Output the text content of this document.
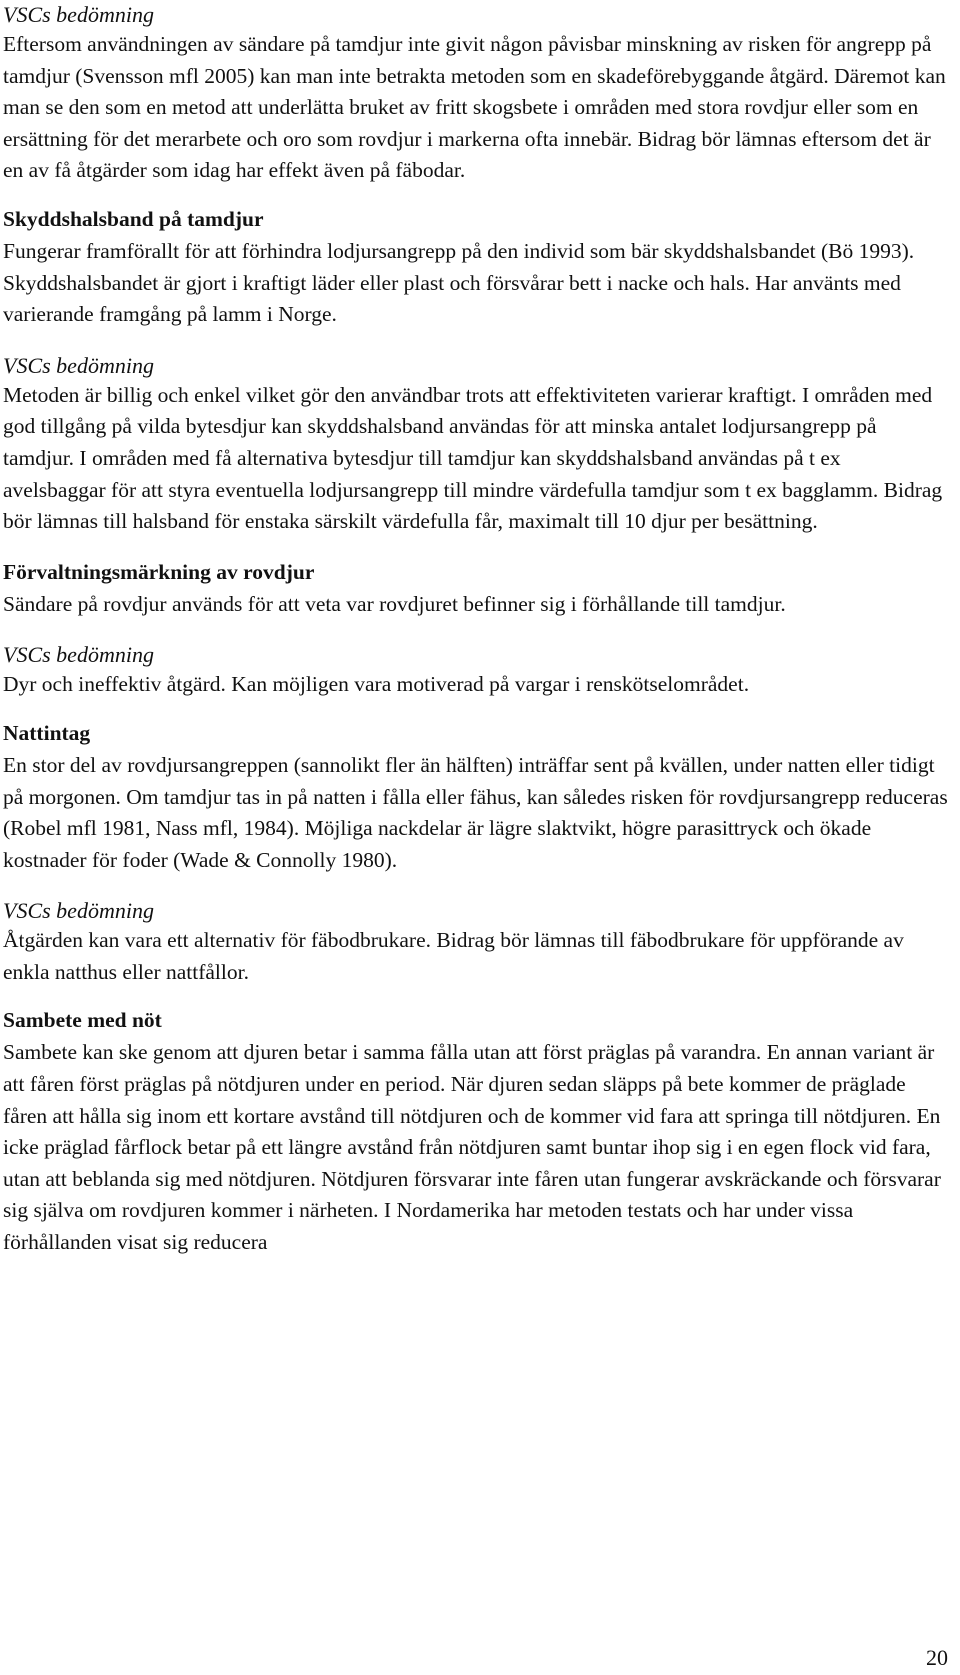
VSCs bedömning

Eftersom användningen av sändare på tamdjur inte givit någon påvisbar minskning av risken för angrepp på tamdjur (Svensson mfl 2005) kan man inte betrakta metoden som en skadeförebyggande åtgärd. Däremot kan man se den som en metod att underlätta bruket av fritt skogsbete i områden med stora rovdjur eller som en ersättning för det merarbete och oro som rovdjur i markerna ofta innebär. Bidrag bör lämnas eftersom det är en av få åtgärder som idag har effekt även på fäbodar.

Skyddshalsband på tamdjur

Fungerar framförallt för att förhindra lodjursangrepp på den individ som bär skyddshalsbandet (Bö 1993). Skyddshalsbandet är gjort i kraftigt läder eller plast och försvårar bett i nacke och hals. Har använts med varierande framgång på lamm i Norge.

VSCs bedömning

Metoden är billig och enkel vilket gör den användbar trots att effektiviteten varierar kraftigt. I områden med god tillgång på vilda bytesdjur kan skyddshalsband användas för att minska antalet lodjursangrepp på tamdjur. I områden med få alternativa bytesdjur till tamdjur kan skyddshalsband användas på t ex avelsbaggar för att styra eventuella lodjursangrepp till mindre värdefulla tamdjur som t ex bagglamm. Bidrag bör lämnas till halsband för enstaka särskilt värdefulla får, maximalt till 10 djur per besättning.

Förvaltningsmärkning av rovdjur

Sändare på rovdjur används för att veta var rovdjuret befinner sig i förhållande till tamdjur.

VSCs bedömning

Dyr och ineffektiv åtgärd. Kan möjligen vara motiverad på vargar i renskötselområdet.

Nattintag

En stor del av rovdjursangreppen (sannolikt fler än hälften) inträffar sent på kvällen, under natten eller tidigt på morgonen. Om tamdjur tas in på natten i fålla eller fähus, kan således risken för rovdjursangrepp reduceras (Robel mfl 1981, Nass mfl, 1984). Möjliga nackdelar är lägre slaktvikt, högre parasittryck och ökade kostnader för foder (Wade & Connolly 1980).

VSCs bedömning

Åtgärden kan vara ett alternativ för fäbodbrukare. Bidrag bör lämnas till fäbodbrukare för uppförande av enkla natthus eller nattfållor.

Sambete med nöt

Sambete kan ske genom att djuren betar i samma fålla utan att först präglas på varandra. En annan variant är att fåren först präglas på nötdjuren under en period. När djuren sedan släpps på bete kommer de präglade fåren att hålla sig inom ett kortare avstånd till nötdjuren och de kommer vid fara att springa till nötdjuren. En icke präglad fårflock betar på ett längre avstånd från nötdjuren samt buntar ihop sig i en egen flock vid fara, utan att beblanda sig med nötdjuren. Nötdjuren försvarar inte fåren utan fungerar avskräckande och försvarar sig själva om rovdjuren kommer i närheten. I Nordamerika har metoden testats och har under vissa förhållanden visat sig reducera

20
